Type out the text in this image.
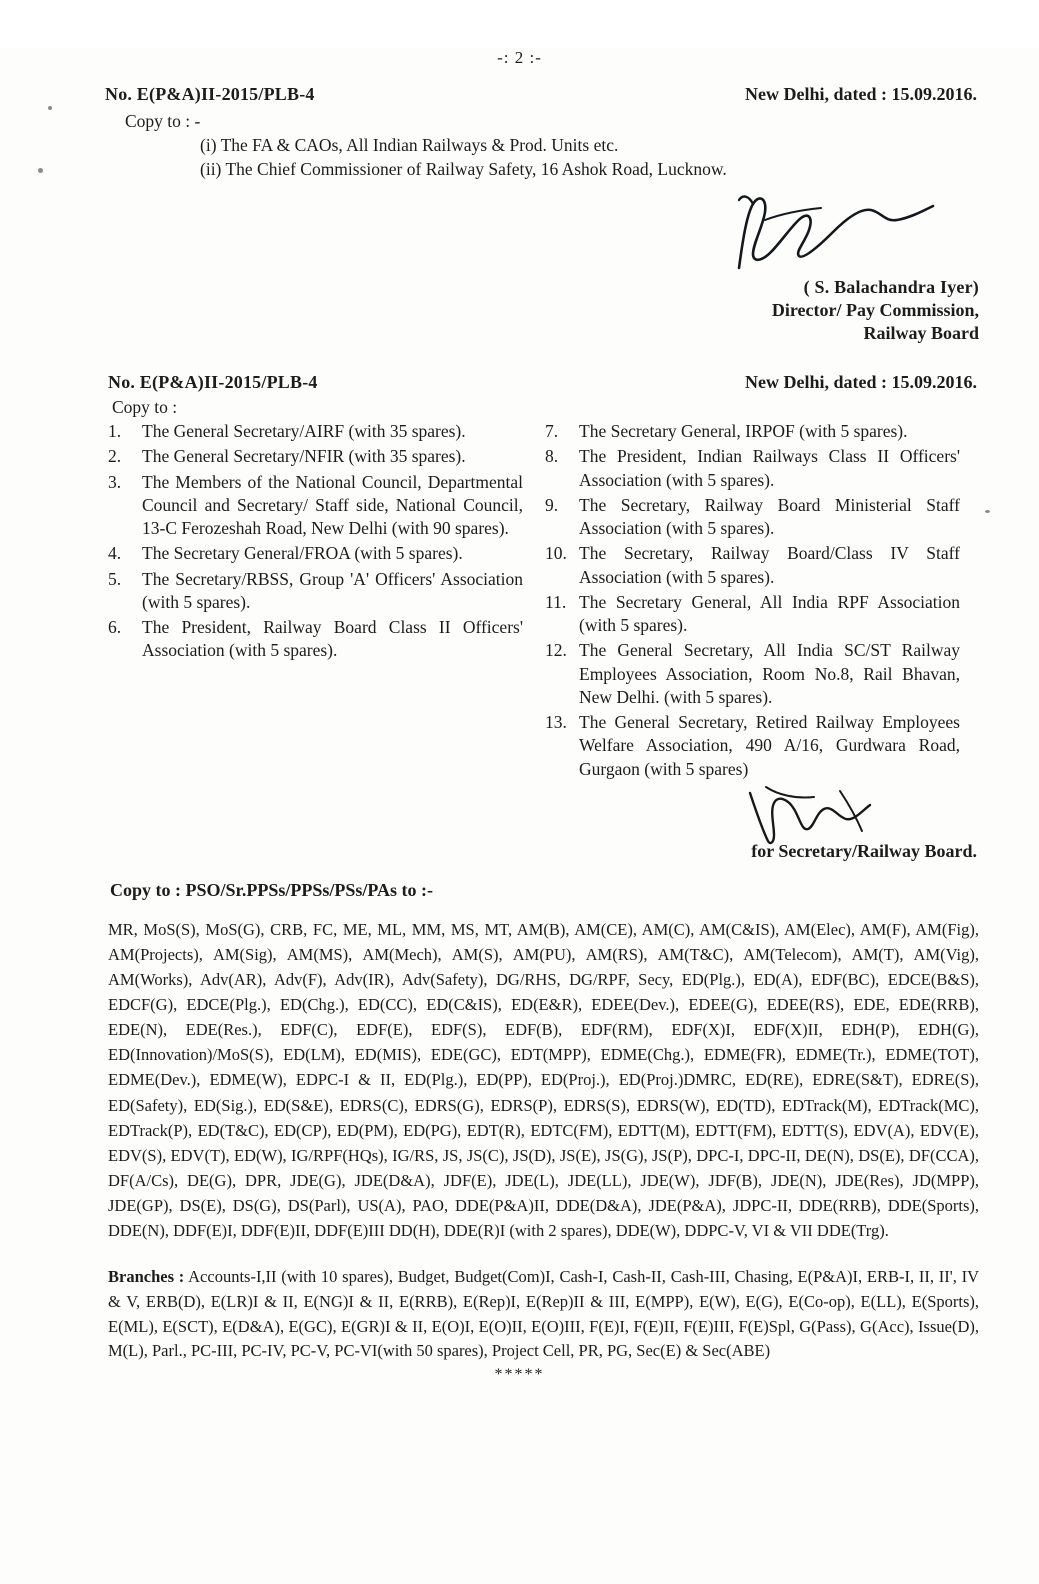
-: 2 :-
No. E(P&A)II-2015/PLB-4	New Delhi, dated : 15.09.2016.
Copy to : -
(i) The FA & CAOs, All Indian Railways & Prod. Units etc.
(ii) The Chief Commissioner of Railway Safety, 16 Ashok Road, Lucknow.
( S. Balachandra Iyer)
Director/ Pay Commission,
Railway Board
No. E(P&A)II-2015/PLB-4	New Delhi, dated : 15.09.2016.
Copy to :
1.	The General Secretary/AIRF (with 35 spares).
2.	The General Secretary/NFIR (with 35 spares).
3.	The Members of the National Council, Departmental Council and Secretary/ Staff side, National Council, 13-C Ferozeshah Road, New Delhi (with 90 spares).
4.	The Secretary General/FROA (with 5 spares).
5.	The Secretary/RBSS, Group 'A' Officers' Association (with 5 spares).
6.	The President, Railway Board Class II Officers' Association (with 5 spares).
7.	The Secretary General, IRPOF (with 5 spares).
8.	The President, Indian Railways Class II Officers' Association (with 5 spares).
9.	The Secretary, Railway Board Ministerial Staff Association (with 5 spares).
10. The Secretary, Railway Board/Class IV Staff Association (with 5 spares).
11. The Secretary General, All India RPF Association (with 5 spares).
12. The General Secretary, All India SC/ST Railway Employees Association, Room No.8, Rail Bhavan, New Delhi. (with 5 spares).
13. The General Secretary, Retired Railway Employees Welfare Association, 490 A/16, Gurdwara Road, Gurgaon (with 5 spares)
for Secretary/Railway Board.
Copy to : PSO/Sr.PPSs/PPSs/PSs/PAs to :-
MR, MoS(S), MoS(G), CRB, FC, ME, ML, MM, MS, MT, AM(B), AM(CE), AM(C), AM(C&IS), AM(Elec), AM(F), AM(Fig), AM(Projects), AM(Sig), AM(MS), AM(Mech), AM(S), AM(PU), AM(RS), AM(T&C), AM(Telecom), AM(T), AM(Vig), AM(Works), Adv(AR), Adv(F), Adv(IR), Adv(Safety), DG/RHS, DG/RPF, Secy, ED(Plg.), ED(A), EDF(BC), EDCE(B&S), EDCF(G), EDCE(Plg.), ED(Chg.), ED(CC), ED(C&IS), ED(E&R), EDEE(Dev.), EDEE(G), EDEE(RS), EDE, EDE(RRB), EDE(N), EDE(Res.), EDF(C), EDF(E), EDF(S), EDF(B), EDF(RM), EDF(X)I, EDF(X)II, EDH(P), EDH(G), ED(Innovation)/MoS(S), ED(LM), ED(MIS), EDE(GC), EDT(MPP), EDME(Chg.), EDME(FR), EDME(Tr.), EDME(TOT), EDME(Dev.), EDME(W), EDPC-I & II, ED(Plg.), ED(PP), ED(Proj.), ED(Proj.)DMRC, ED(RE), EDRE(S&T), EDRE(S), ED(Safety), ED(Sig.), ED(S&E), EDRS(C), EDRS(G), EDRS(P), EDRS(S), EDRS(W), ED(TD), EDTrack(M), EDTrack(MC), EDTrack(P), ED(T&C), ED(CP), ED(PM), ED(PG), EDT(R), EDTC(FM), EDTT(M), EDTT(FM), EDTT(S), EDV(A), EDV(E), EDV(S), EDV(T), ED(W), IG/RPF(HQs), IG/RS, JS, JS(C), JS(D), JS(E), JS(G), JS(P), DPC-I, DPC-II, DE(N), DS(E), DF(CCA), DF(A/Cs), DE(G), DPR, JDE(G), JDE(D&A), JDF(E), JDE(L), JDE(LL), JDE(W), JDF(B), JDE(N), JDE(Res), JD(MPP), JDE(GP), DS(E), DS(G), DS(Parl), US(A), PAO, DDE(P&A)II, DDE(D&A), JDE(P&A), JDPC-II, DDE(RRB), DDE(Sports), DDE(N), DDF(E)I, DDF(E)II, DDF(E)III DD(H), DDE(R)I (with 2 spares), DDE(W), DDPC-V, VI & VII DDE(Trg).
Branches : Accounts-I,II (with 10 spares), Budget, Budget(Com)I, Cash-I, Cash-II, Cash-III, Chasing, E(P&A)I, ERB-I, II, II', IV & V, ERB(D), E(LR)I & II, E(NG)I & II, E(RRB), E(Rep)I, E(Rep)II & III, E(MPP), E(W), E(G), E(Co-op), E(LL), E(Sports), E(ML), E(SCT), E(D&A), E(GC), E(GR)I & II, E(O)I, E(O)II, E(O)III, F(E)I, F(E)II, F(E)III, F(E)Spl, G(Pass), G(Acc), Issue(D), M(L), Parl., PC-III, PC-IV, PC-V, PC-VI(with 50 spares), Project Cell, PR, PG, Sec(E) & Sec(ABE)
*****
